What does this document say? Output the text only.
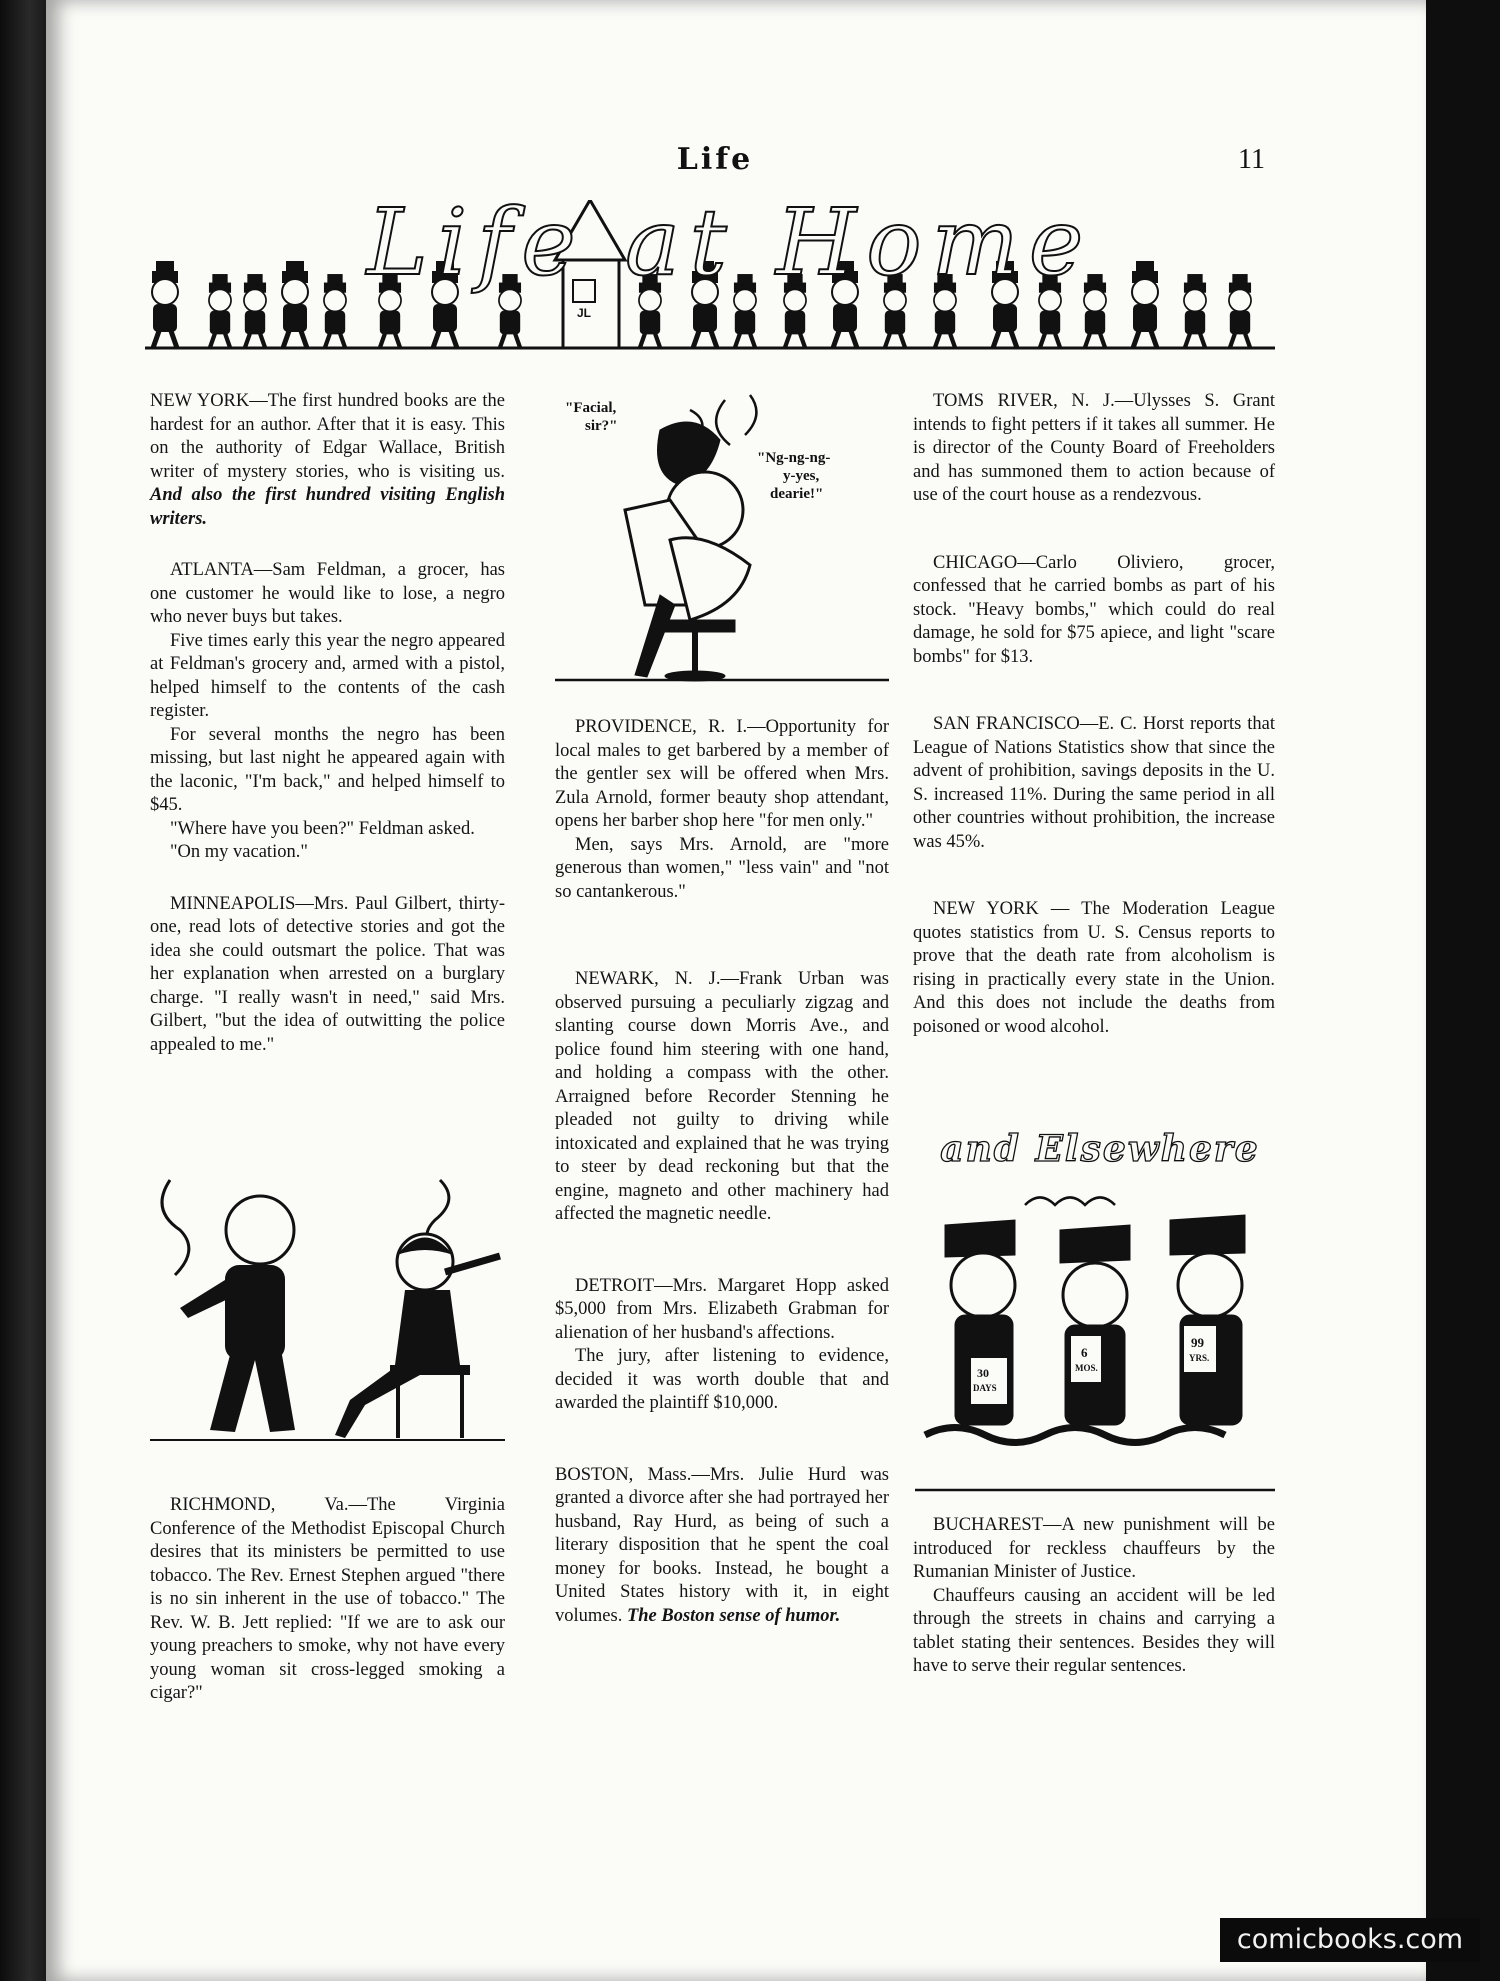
Life	11
Life at Home
JL

NEW YORK—The first hundred books are the hardest for an author. After that it is easy. This on the authority of Edgar Wallace, British writer of mystery stories, who is visiting us.

And also the first hundred visiting English writers.

ATLANTA—Sam Feldman, a grocer, has one customer he would like to lose, a negro who never buys but takes.

Five times early this year the negro appeared at Feldman's grocery and, armed with a pistol, helped himself to the contents of the cash register.

For several months the negro has been missing, but last night he appeared again with the laconic, "I'm back," and helped himself to $45.

"Where have you been?" Feldman asked.

"On my vacation."

MINNEAPOLIS—Mrs. Paul Gilbert, thirty-one, read lots of detective stories and got the idea she could outsmart the police. That was her explanation when arrested on a burglary charge. "I really wasn't in need," said Mrs. Gilbert, "but the idea of outwitting the police appealed to me."

RICHMOND, Va.—The Virginia Conference of the Methodist Episcopal Church desires that its ministers be permitted to use tobacco. The Rev. Ernest Stephen argued "there is no sin inherent in the use of tobacco." The Rev. W. B. Jett replied: "If we are to ask our young preachers to smoke, why not have every young woman sit cross-legged smoking a cigar?"

"Facial,
sir?"
"Ng-ng-ng-
y-yes,
dearie!"

PROVIDENCE, R. I.—Opportunity for local males to get barbered by a member of the gentler sex will be offered when Mrs. Zula Arnold, former beauty shop attendant, opens her barber shop here "for men only."

Men, says Mrs. Arnold, are "more generous than women," "less vain" and "not so cantankerous."

NEWARK, N. J.—Frank Urban was observed pursuing a peculiarly zigzag and slanting course down Morris Ave., and police found him steering with one hand, and holding a compass with the other. Arraigned before Recorder Stenning he pleaded not guilty to driving while intoxicated and explained that he was trying to steer by dead reckoning but that the engine, magneto and other machinery had affected the magnetic needle.

DETROIT—Mrs. Margaret Hopp asked $5,000 from Mrs. Elizabeth Grabman for alienation of her husband's affections.

The jury, after listening to evidence, decided it was worth double that and awarded the plaintiff $10,000.

BOSTON, Mass.—Mrs. Julie Hurd was granted a divorce after she had portrayed her husband, Ray Hurd, as being of such a literary disposition that he spent the coal money for books. Instead, he bought a United States history with it, in eight volumes. The Boston sense of humor.

TOMS RIVER, N. J.—Ulysses S. Grant intends to fight petters if it takes all summer. He is director of the County Board of Freeholders and has summoned them to action because of use of the court house as a rendezvous.

CHICAGO—Carlo Oliviero, grocer, confessed that he carried bombs as part of his stock. "Heavy bombs," which could do real damage, he sold for $75 apiece, and light "scare bombs" for $13.

SAN FRANCISCO—E. C. Horst reports that League of Nations Statistics show that since the advent of prohibition, savings deposits in the U. S. increased 11%. During the same period in all other countries without prohibition, the increase was 45%.

NEW YORK — The Moderation League quotes statistics from U. S. Census reports to prove that the death rate from alcoholism is rising in practically every state in the Union. And this does not include the deaths from poisoned or wood alcohol.

and Elsewhere
30
DAYS
6
MOS.
99
YRS.

BUCHAREST—A new punishment will be introduced for reckless chauffeurs by the Rumanian Minister of Justice.

Chauffeurs causing an accident will be led through the streets in chains and carrying a tablet stating their sentences. Besides they will have to serve their regular sentences.

comicbooks.com
